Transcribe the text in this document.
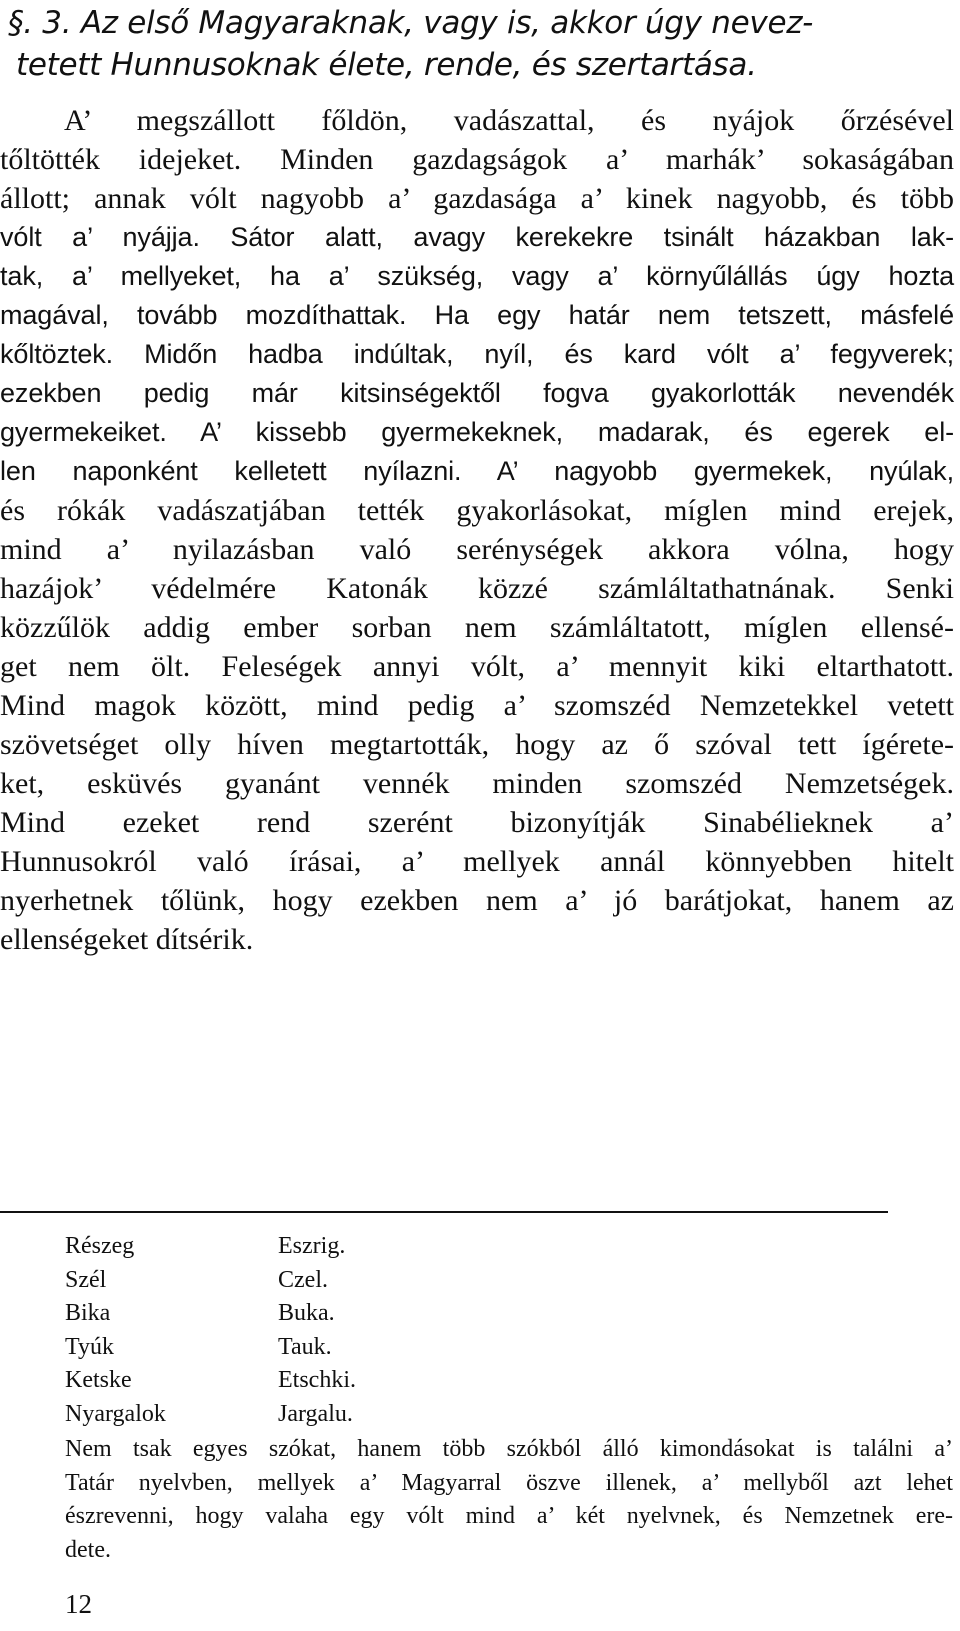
§. 3. Az első Magyaraknak, vagy is, akkor úgy nevez-
tetett Hunnusoknak élete, rende, és szertartása.
A’ megszállott főldön, vadászattal, és nyájok őrzésével
tőltötték idejeket. Minden gazdagságok a’ marhák’ sokaságában
állott; annak vólt nagyobb a’ gazdasága a’ kinek nagyobb, és több
vólt a’ nyájja. Sátor alatt, avagy kerekekre tsinált házakban lak-
tak, a’ mellyeket, ha a’ szükség, vagy a’ környűlállás úgy hozta
magával, tovább mozdíthattak. Ha egy határ nem tetszett, másfelé
kőltöztek. Midőn hadba indúltak, nyíl, és kard vólt a’ fegyverek;
ezekben pedig már kitsinségektől fogva gyakorlották nevendék
gyermekeiket. A’ kissebb gyermekeknek, madarak, és egerek el-
len naponként kelletett nyílazni. A’ nagyobb gyermekek, nyúlak,
és rókák vadászatjában tették gyakorlásokat, míglen mind erejek,
mind a’ nyilazásban való serénységek akkora vólna, hogy
hazájok’ védelmére Katonák közzé számláltathatnának. Senki
közzűlök addig ember sorban nem számláltatott, míglen ellensé-
get nem ölt. Feleségek annyi vólt, a’ mennyit kiki eltarthatott.
Mind magok között, mind pedig a’ szomszéd Nemzetekkel vetett
szövetséget olly híven megtartották, hogy az ő szóval tett ígérete-
ket, esküvés gyanánt vennék minden szomszéd Nemzetségek.
Mind ezeket rend szerént bizonyítják Sinabélieknek a’
Hunnusokról való írásai, a’ mellyek annál könnyebben hitelt
nyerhetnek tőlünk, hogy ezekben nem a’ jó barátjokat, hanem az
ellenségeket dítsérik.
Részeg	Eszrig.
Szél	Czel.
Bika	Buka.
Tyúk	Tauk.
Ketske	Etschki.
Nyargalok	Jargalu.
Nem tsak egyes szókat, hanem több szókból álló kimondásokat is találni a’
Tatár nyelvben, mellyek a’ Magyarral öszve illenek, a’ mellyből azt lehet
észrevenni, hogy valaha egy vólt mind a’ két nyelvnek, és Nemzetnek ere-
dete.
12
